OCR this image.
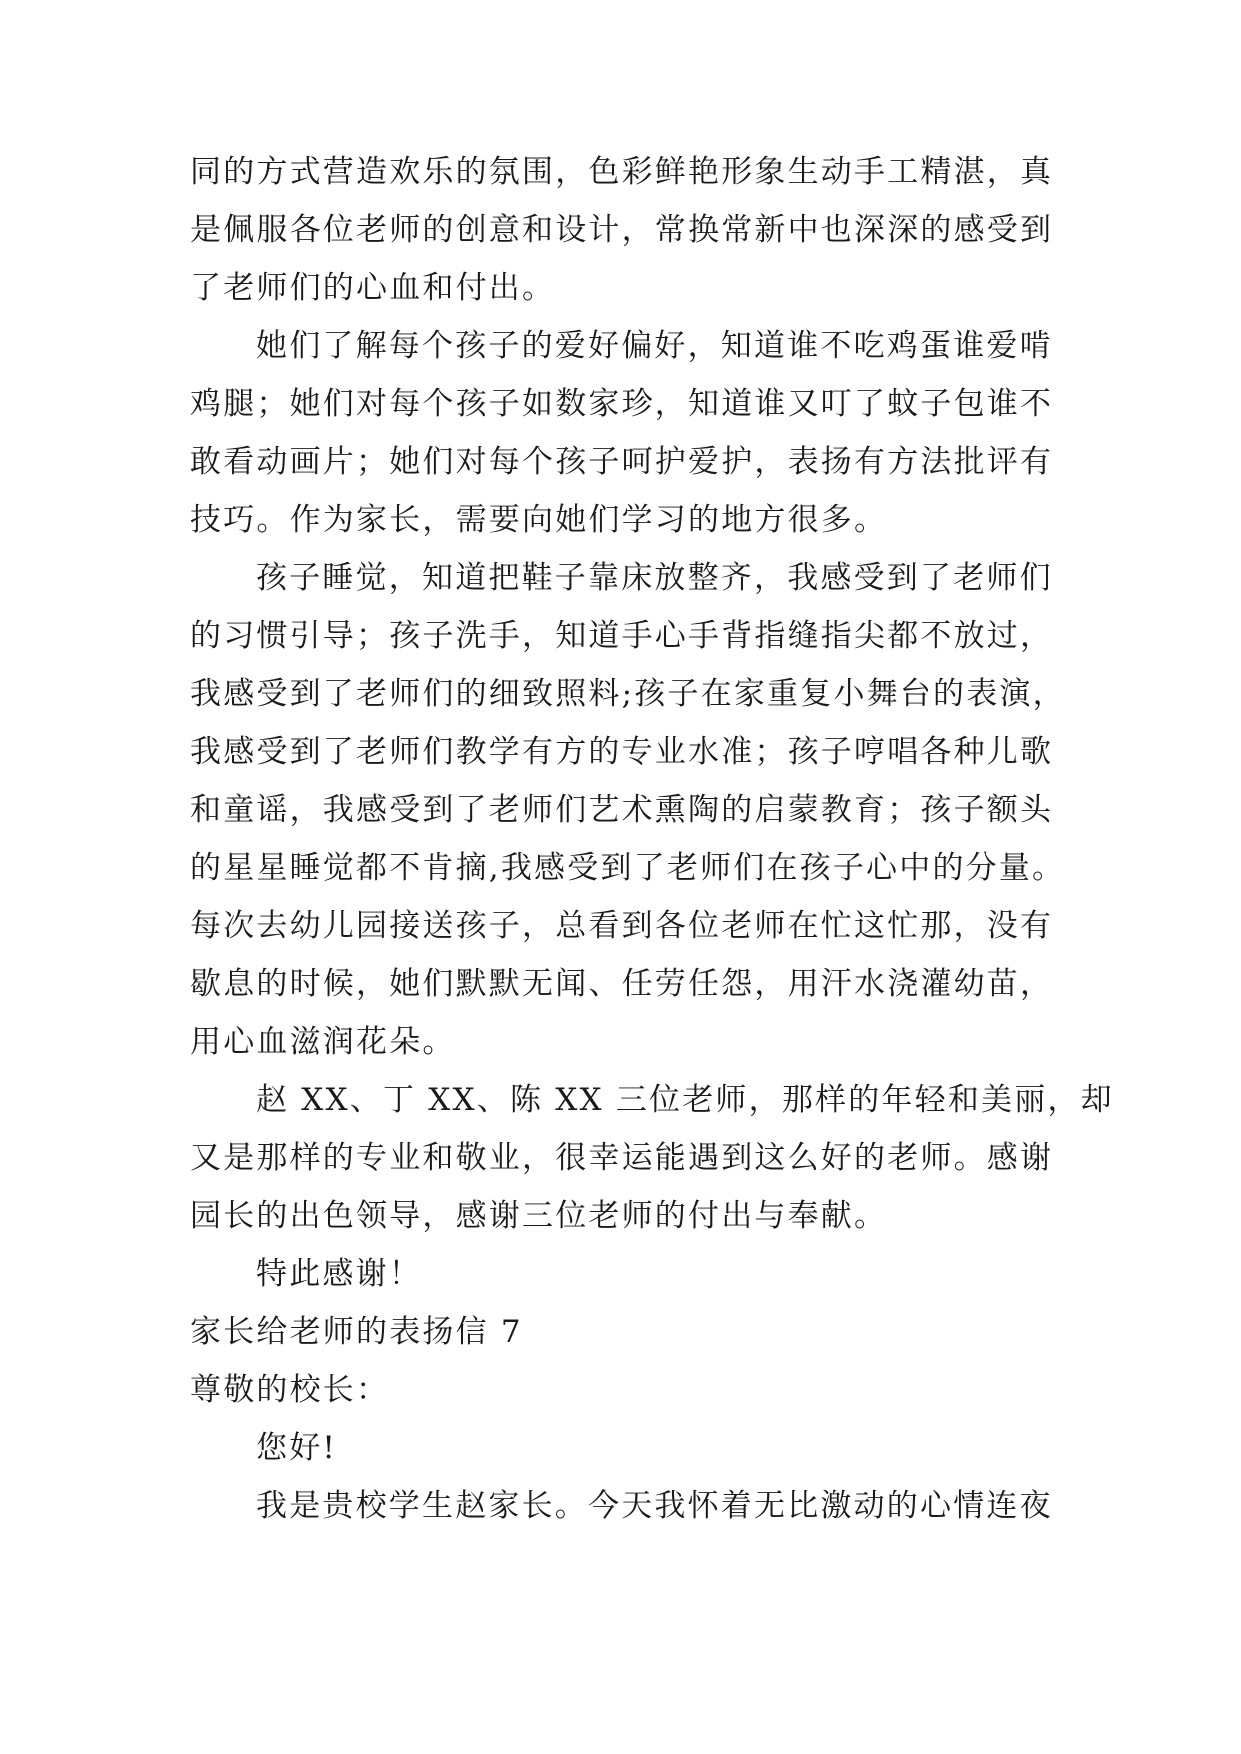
同的方式营造欢乐的氛围，色彩鲜艳形象生动手工精湛，真

是佩服各位老师的创意和设计，常换常新中也深深的感受到

了老师们的心血和付出。

她们了解每个孩子的爱好偏好，知道谁不吃鸡蛋谁爱啃

鸡腿；她们对每个孩子如数家珍，知道谁又叮了蚊子包谁不

敢看动画片；她们对每个孩子呵护爱护，表扬有方法批评有

技巧。作为家长，需要向她们学习的地方很多。

孩子睡觉，知道把鞋子靠床放整齐，我感受到了老师们

的习惯引导；孩子洗手，知道手心手背指缝指尖都不放过，

我感受到了老师们的细致照料;孩子在家重复小舞台的表演，

我感受到了老师们教学有方的专业水准；孩子哼唱各种儿歌

和童谣，我感受到了老师们艺术熏陶的启蒙教育；孩子额头

的星星睡觉都不肯摘,我感受到了老师们在孩子心中的分量。

每次去幼儿园接送孩子，总看到各位老师在忙这忙那，没有

歇息的时候，她们默默无闻、任劳任怨，用汗水浇灌幼苗，

用心血滋润花朵。

赵 XX、丁 XX、陈 XX 三位老师，那样的年轻和美丽，却

又是那样的专业和敬业，很幸运能遇到这么好的老师。感谢

园长的出色领导，感谢三位老师的付出与奉献。

特此感谢！

家长给老师的表扬信 7

尊敬的校长：

您好!

我是贵校学生赵家长。今天我怀着无比激动的心情连夜
